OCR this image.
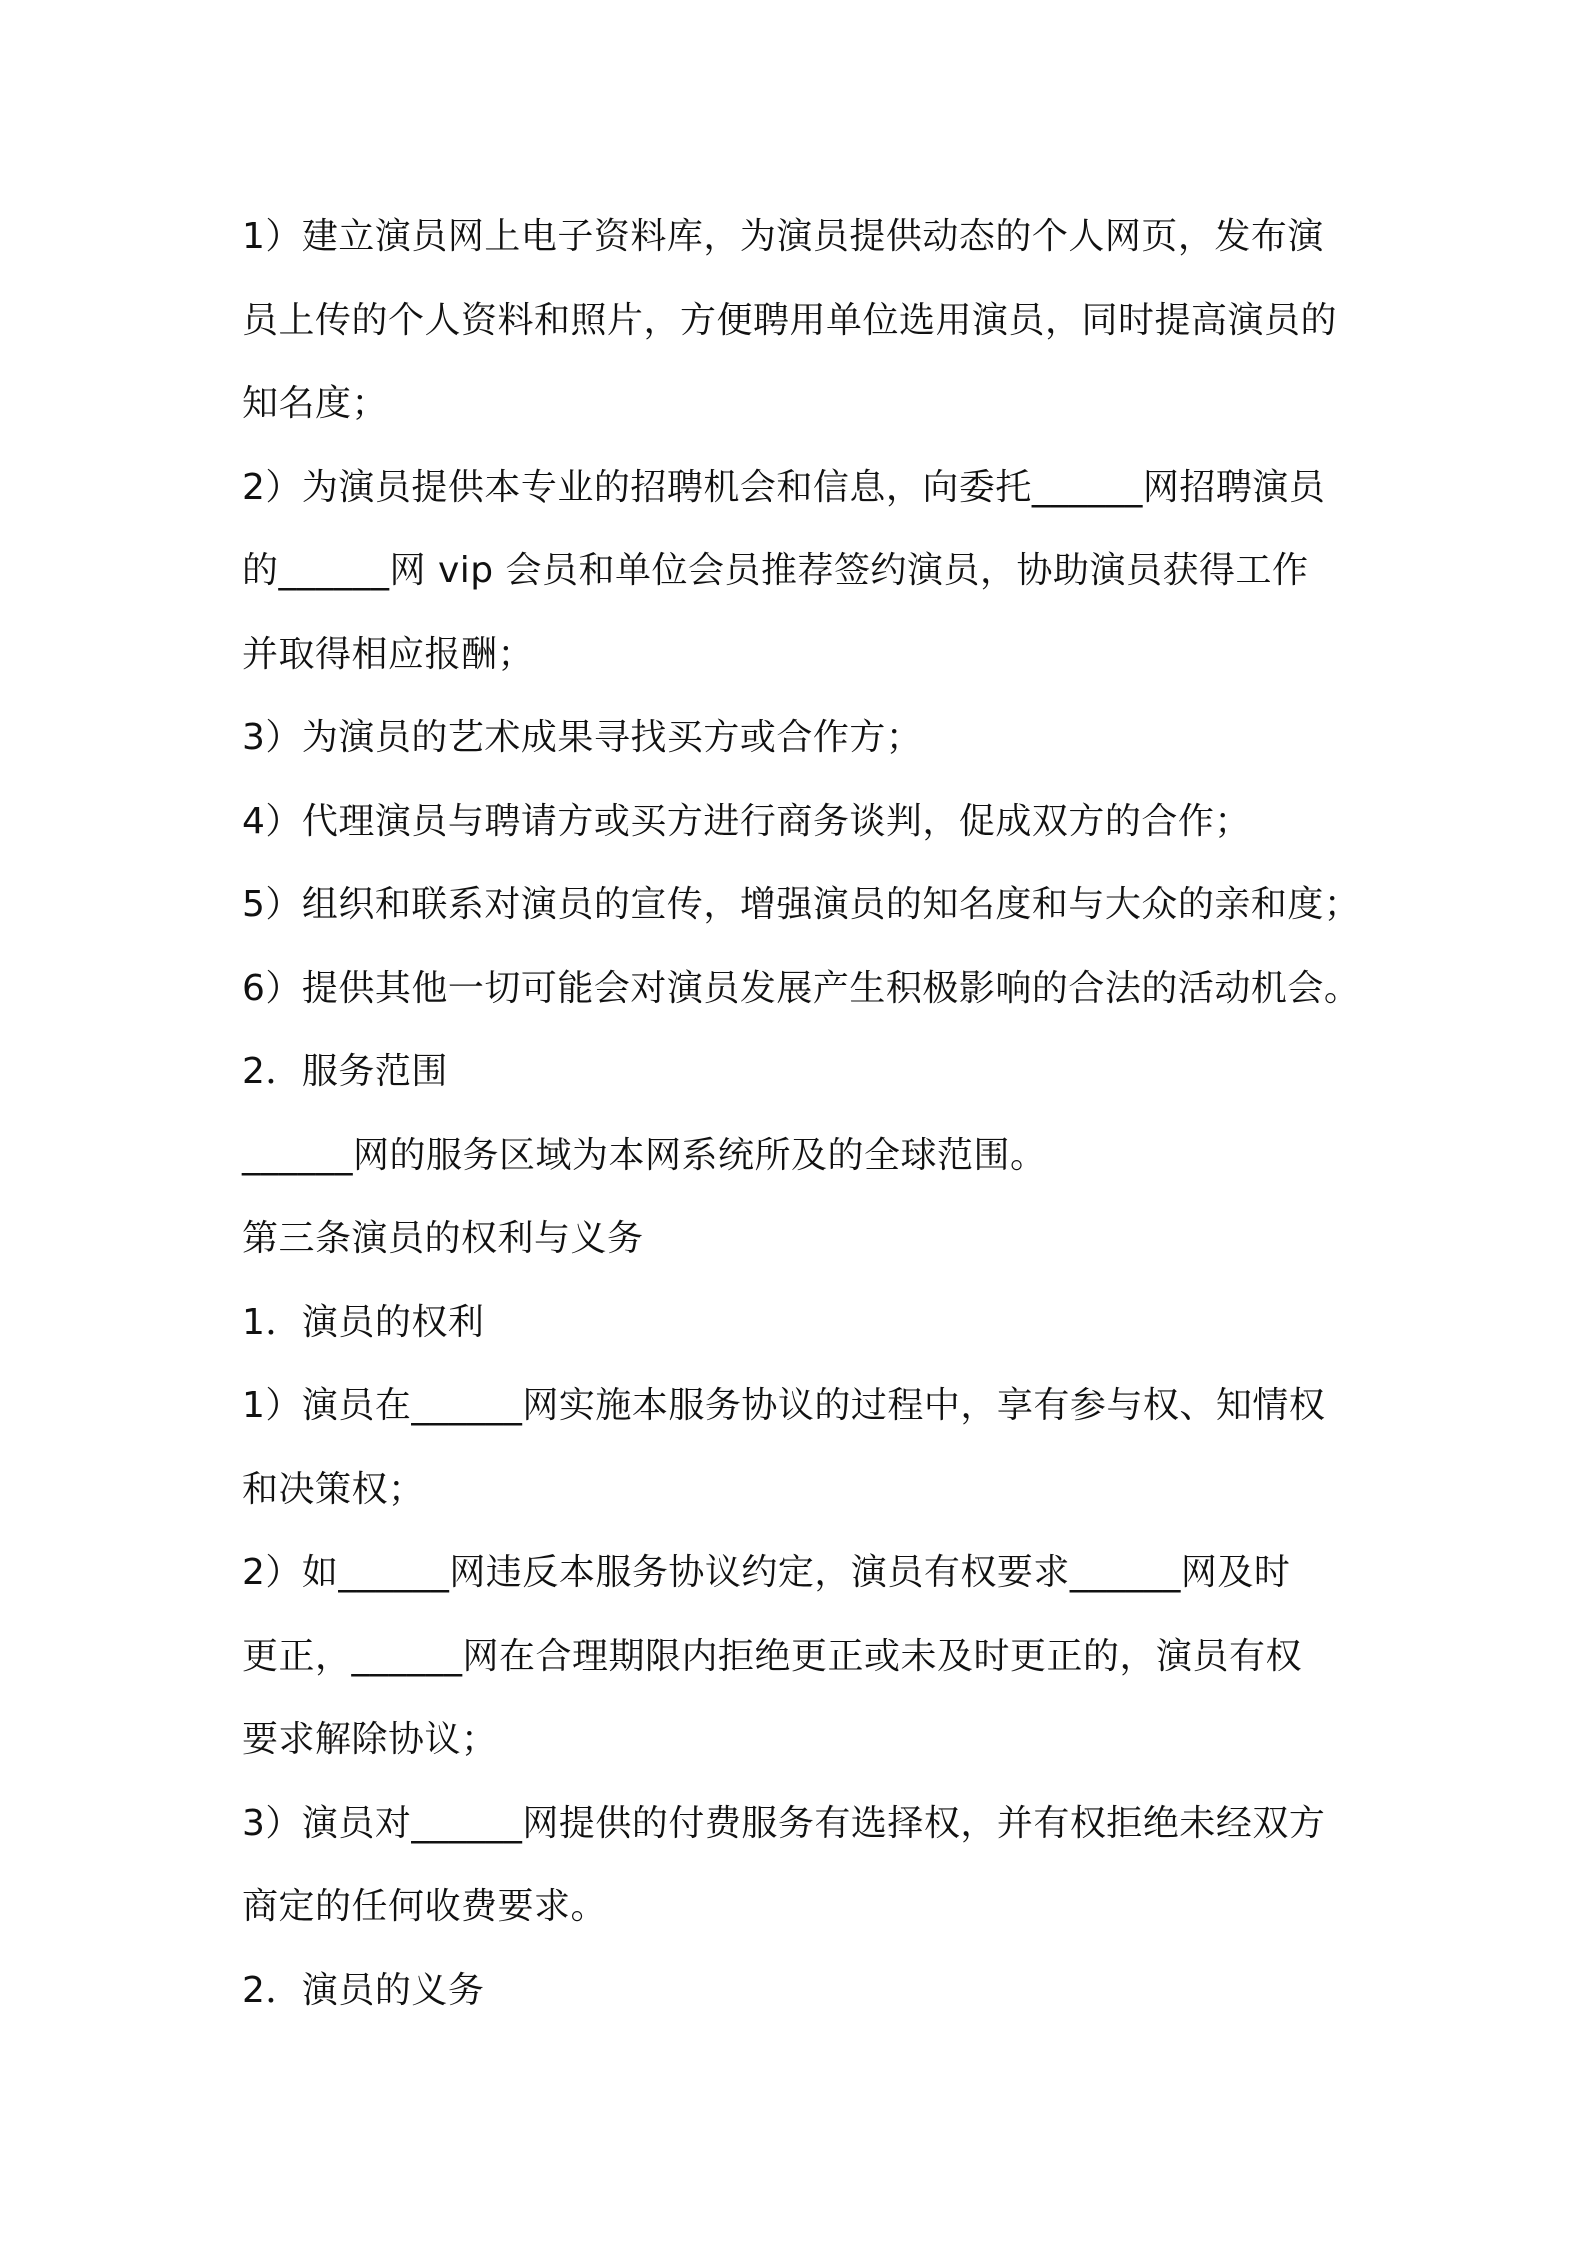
1）建立演员网上电子资料库，为演员提供动态的个人网页，发布演
员上传的个人资料和照片，方便聘用单位选用演员，同时提高演员的
知名度；
2）为演员提供本专业的招聘机会和信息，向委托______网招聘演员
的______网 vip 会员和单位会员推荐签约演员，协助演员获得工作
并取得相应报酬；
3）为演员的艺术成果寻找买方或合作方；
4）代理演员与聘请方或买方进行商务谈判，促成双方的合作；
5）组织和联系对演员的宣传，增强演员的知名度和与大众的亲和度；
6）提供其他一切可能会对演员发展产生积极影响的合法的活动机会。
2．服务范围
______网的服务区域为本网系统所及的全球范围。
第三条演员的权利与义务
1．演员的权利
1）演员在______网实施本服务协议的过程中，享有参与权、知情权
和决策权；
2）如______网违反本服务协议约定，演员有权要求______网及时
更正，______网在合理期限内拒绝更正或未及时更正的，演员有权
要求解除协议；
3）演员对______网提供的付费服务有选择权，并有权拒绝未经双方
商定的任何收费要求。
2．演员的义务
